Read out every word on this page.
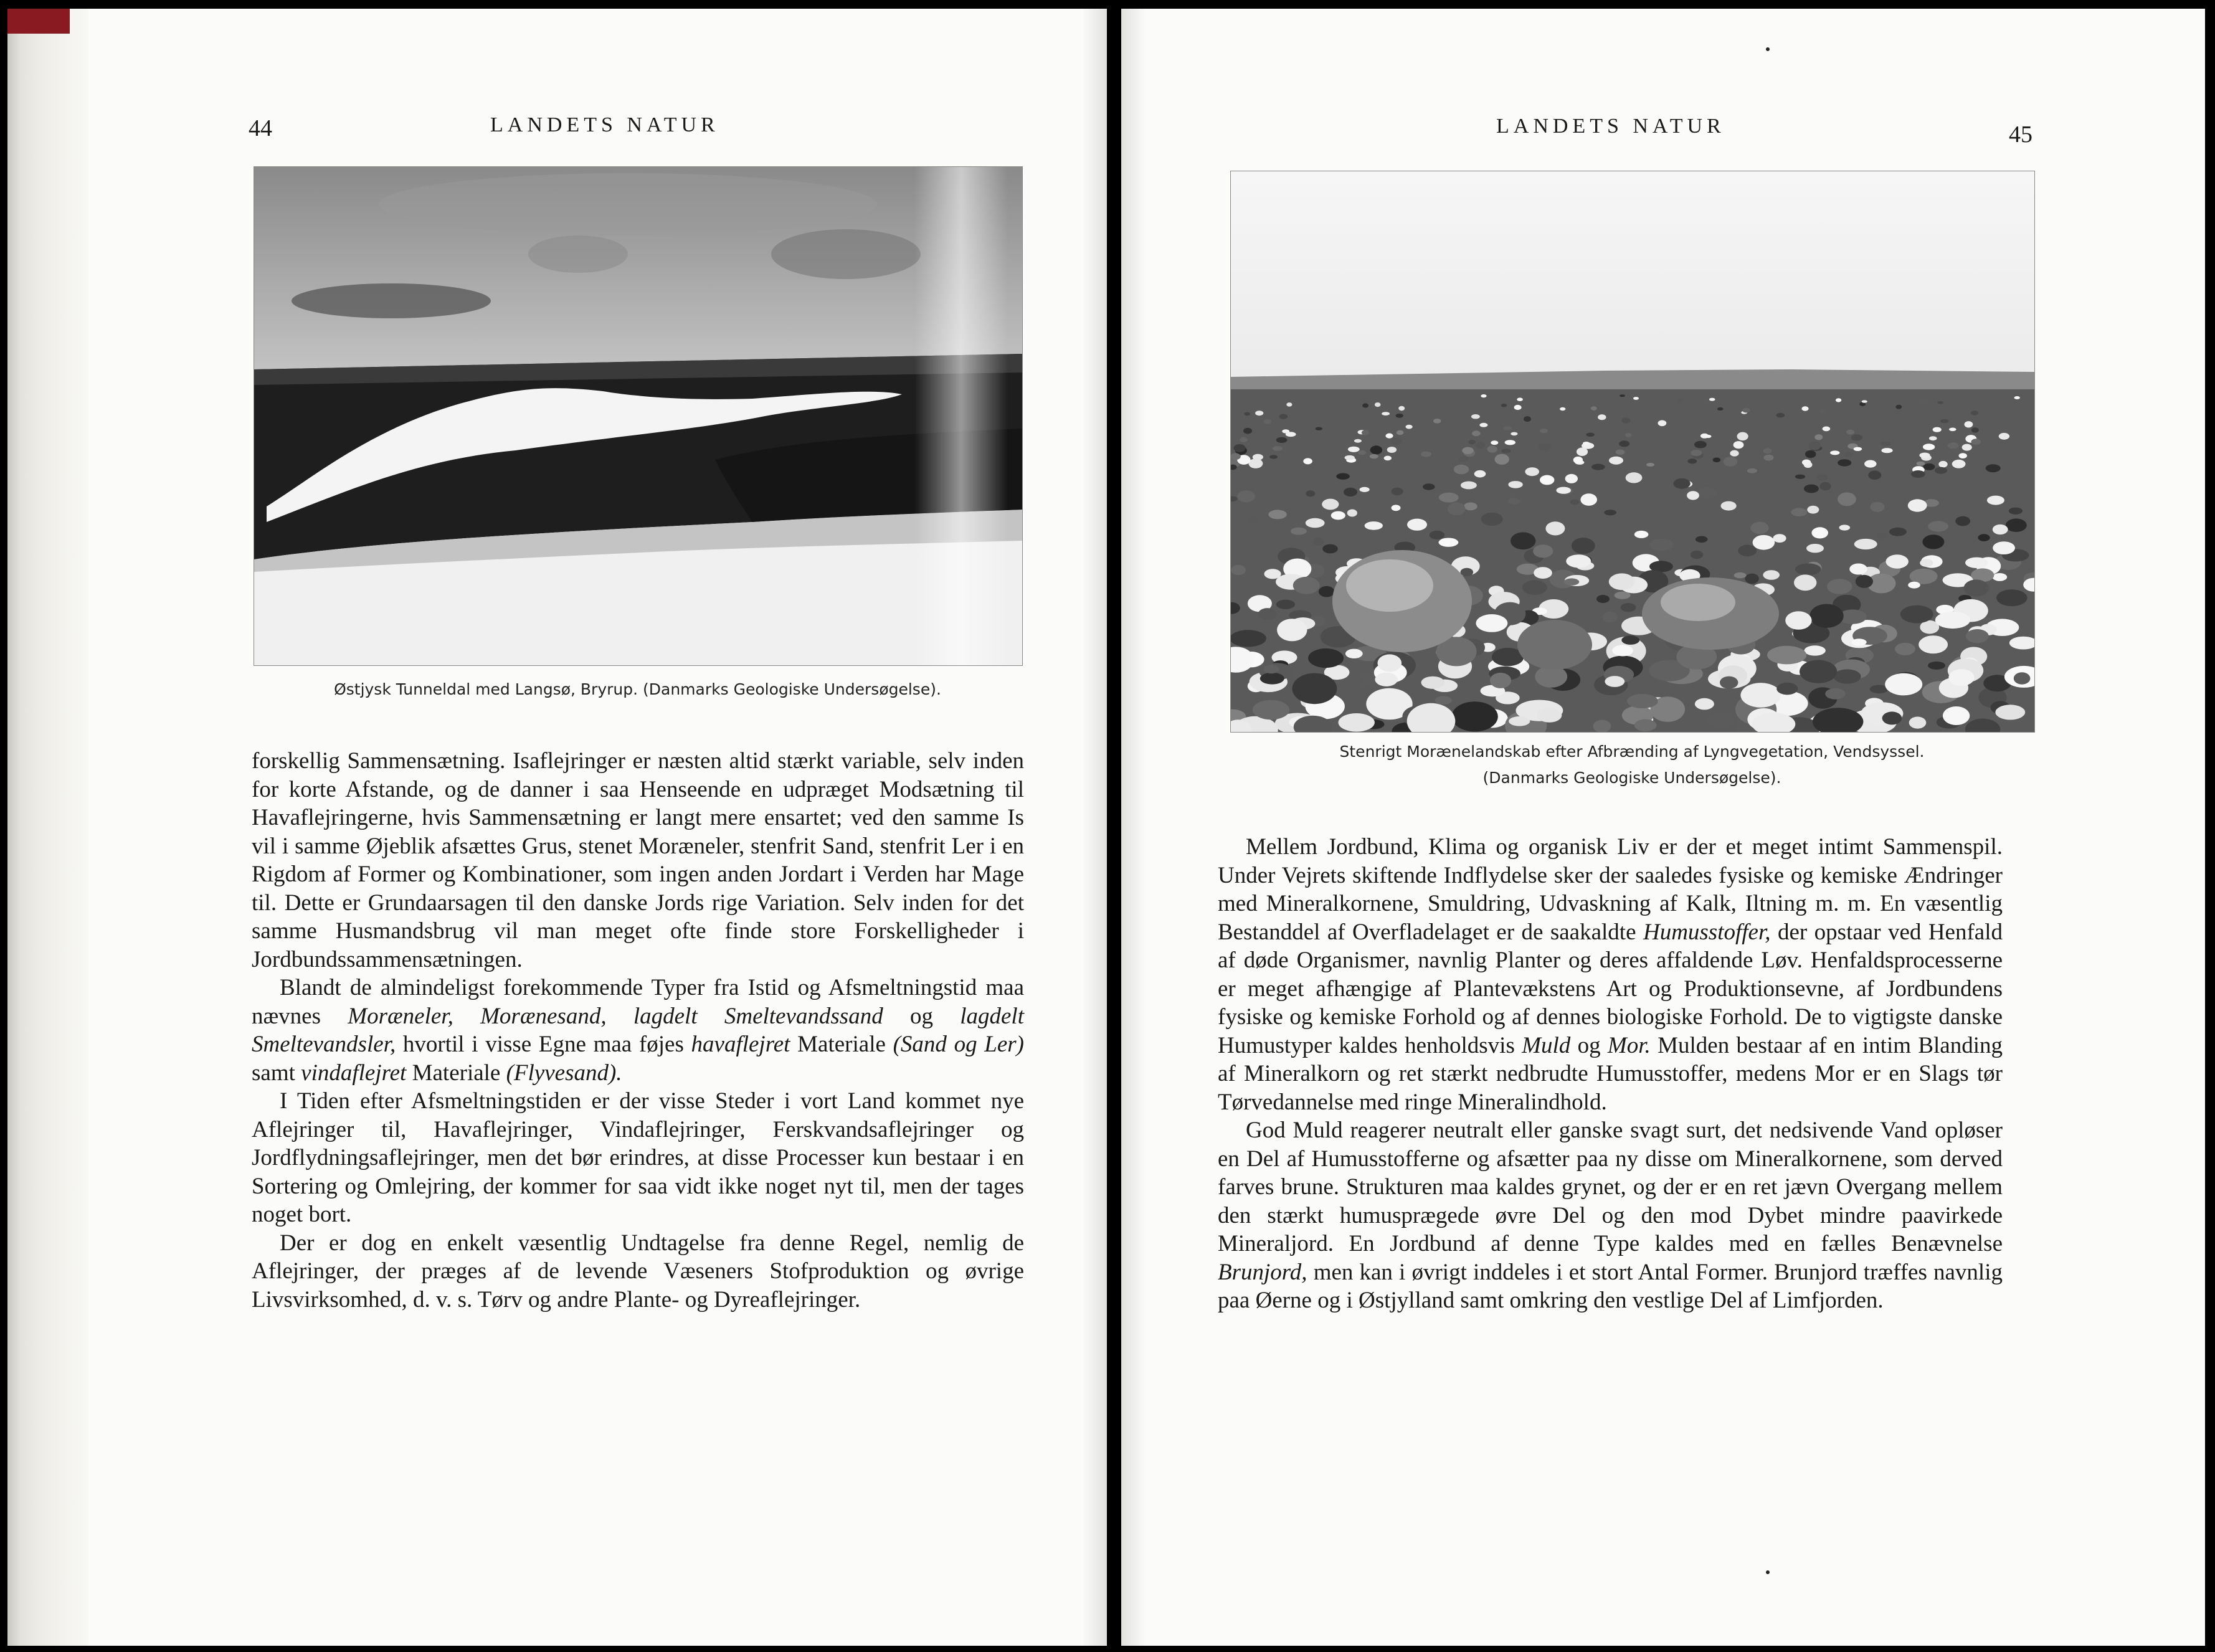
44	LANDETS NATUR
Østjysk Tunneldal med Langsø, Bryrup. (Danmarks Geologiske Undersøgelse).

forskellig Sammensætning. Isaflejringer er næsten altid stærkt variable, selv inden for korte Afstande, og de danner i saa Henseende en udpræget Modsætning til Havaflejringerne, hvis Sammensætning er langt mere ensartet; ved den samme Is vil i samme Øjeblik afsættes Grus, stenet Moræneler, stenfrit Sand, stenfrit Ler i en Rigdom af Former og Kombinationer, som ingen anden Jordart i Verden har Mage til. Dette er Grundaarsagen til den danske Jords rige Variation. Selv inden for det samme Husmandsbrug vil man meget ofte finde store Forskelligheder i Jordbundssammensætningen.

Blandt de almindeligst forekommende Typer fra Istid og Afsmeltningstid maa nævnes Moræneler, Morænesand, lagdelt Smeltevandssand og lagdelt Smeltevandsler, hvortil i visse Egne maa føjes havaflejret Materiale (Sand og Ler) samt vindaflejret Materiale (Flyvesand).

I Tiden efter Afsmeltningstiden er der visse Steder i vort Land kommet nye Aflejringer til, Havaflejringer, Vindaflejringer, Ferskvandsaflejringer og Jordflydningsaflejringer, men det bør erindres, at disse Processer kun bestaar i en Sortering og Omlejring, der kommer for saa vidt ikke noget nyt til, men der tages noget bort.

Der er dog en enkelt væsentlig Undtagelse fra denne Regel, nemlig de Aflejringer, der præges af de levende Væseners Stofproduktion og øvrige Livsvirksomhed, d. v. s. Tørv og andre Plante- og Dyreaflejringer.

LANDETS NATUR	45
Stenrigt Morænelandskab efter Afbrænding af Lyngvegetation, Vendsyssel.
(Danmarks Geologiske Undersøgelse).

Mellem Jordbund, Klima og organisk Liv er der et meget intimt Sammenspil. Under Vejrets skiftende Indflydelse sker der saaledes fysiske og kemiske Ændringer med Mineralkornene, Smuldring, Udvaskning af Kalk, Iltning m. m. En væsentlig Bestanddel af Overfladelaget er de saakaldte Humusstoffer, der opstaar ved Henfald af døde Organismer, navnlig Planter og deres affaldende Løv. Henfaldsprocesserne er meget afhængige af Plantevækstens Art og Produktionsevne, af Jordbundens fysiske og kemiske Forhold og af dennes biologiske Forhold. De to vigtigste danske Humustyper kaldes henholdsvis Muld og Mor. Mulden bestaar af en intim Blanding af Mineralkorn og ret stærkt nedbrudte Humusstoffer, medens Mor er en Slags tør Tørvedannelse med ringe Mineralindhold.

God Muld reagerer neutralt eller ganske svagt surt, det nedsivende Vand opløser en Del af Humusstofferne og afsætter paa ny disse om Mineralkornene, som derved farves brune. Strukturen maa kaldes grynet, og der er en ret jævn Overgang mellem den stærkt humusprægede øvre Del og den mod Dybet mindre paavirkede Mineraljord. En Jordbund af denne Type kaldes med en fælles Benævnelse Brunjord, men kan i øvrigt inddeles i et stort Antal Former. Brunjord træffes navnlig paa Øerne og i Østjylland samt omkring den vestlige Del af Limfjorden.
